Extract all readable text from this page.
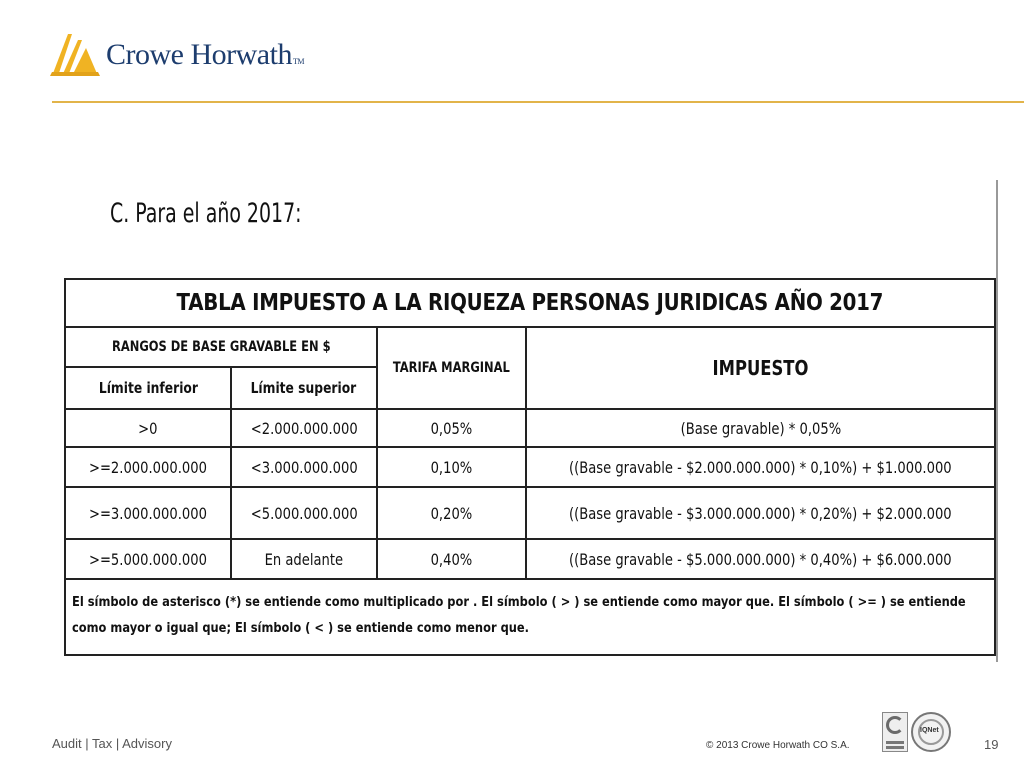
Crowe HorwathTM
C. Para el año 2017:
TABLA IMPUESTO A LA RIQUEZA PERSONAS JURIDICAS AÑO 2017			
RANGOS DE BASE GRAVABLE EN $		TARIFA MARGINAL	IMPUESTO
Límite inferior	Límite superior		
>0	<2.000.000.000	0,05%	(Base gravable) * 0,05%
>=2.000.000.000	<3.000.000.000	0,10%	((Base gravable - $2.000.000.000) * 0,10%) + $1.000.000
>=3.000.000.000	<5.000.000.000	0,20%	((Base gravable - $3.000.000.000) * 0,20%) + $2.000.000
>=5.000.000.000	En adelante	0,40%	((Base gravable - $5.000.000.000) * 0,40%) + $6.000.000
El símbolo de asterisco (*) se entiende como multiplicado por . El símbolo ( > ) se entiende como mayor que. El símbolo ( >= ) se entiende como mayor o igual que; El símbolo ( < ) se entiende como menor que.			
Audit | Tax | Advisory	© 2013 Crowe Horwath CO S.A.
IQNet
19
